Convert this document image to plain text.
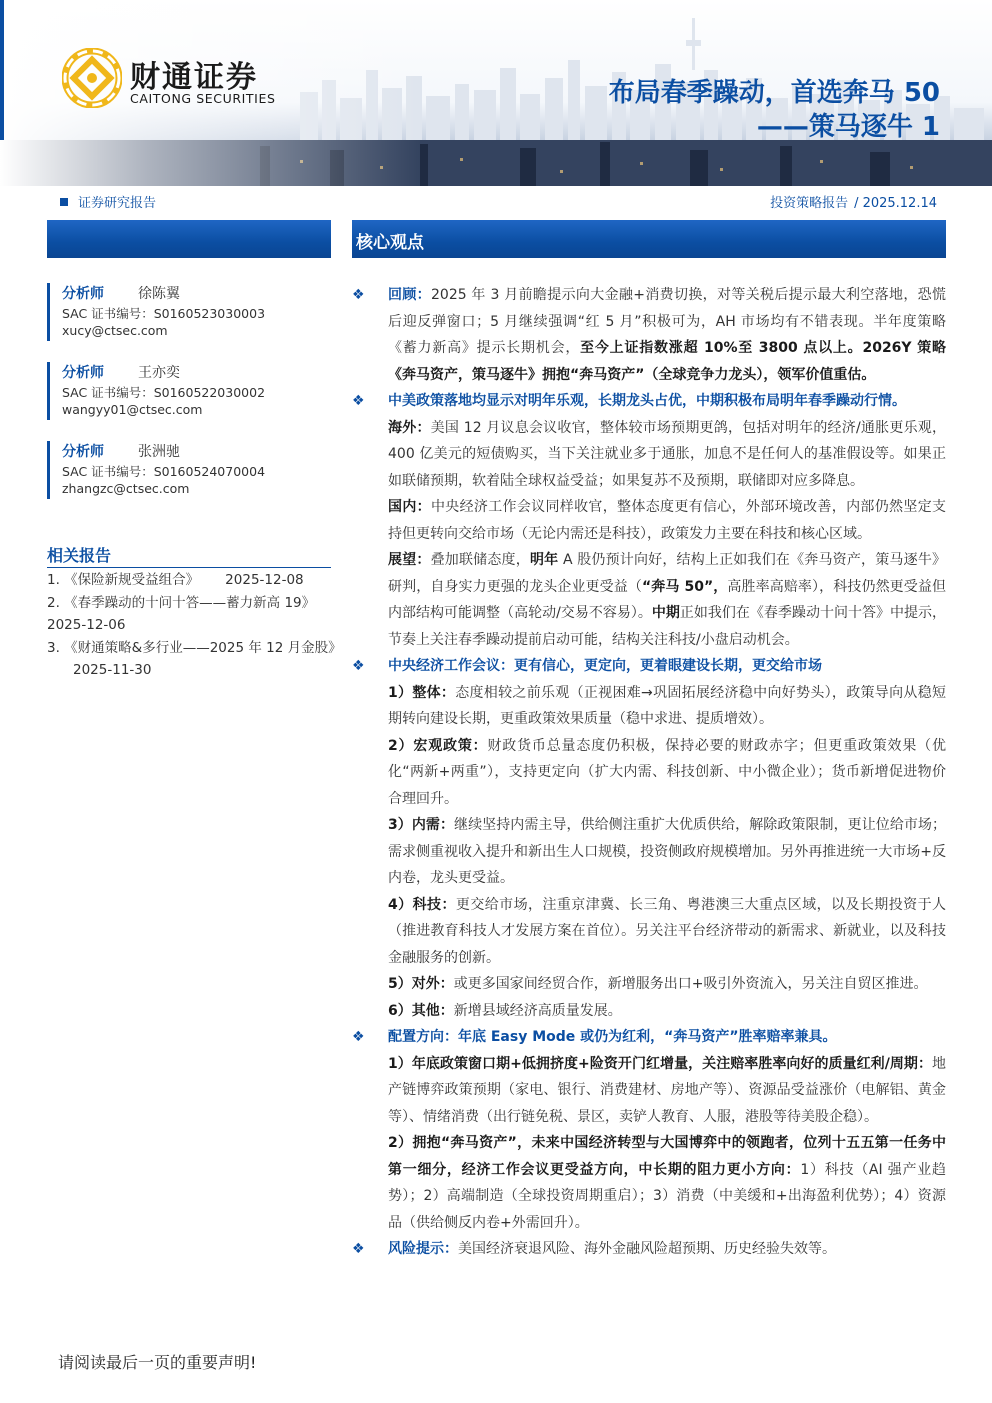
财通证券
CAITONG SECURITIES	布局春季躁动，首选奔马 50
——策马逐牛 1
证券研究报告	投资策略报告 / 2025.12.14
核心观点
分析师 徐陈翼
SAC 证书编号：S0160523030003
xucy@ctsec.com
分析师 王亦奕
SAC 证书编号：S0160522030002
wangyy01@ctsec.com
分析师 张洲驰
SAC 证书编号：S0160524070004
zhangzc@ctsec.com
相关报告
1. 《保险新规受益组合》 2025-12-08
2. 《春季躁动的十问十答——蓄力新高 19》
2025-12-06
3. 《财通策略&多行业——2025 年 12 月金股》2025-11-30
❖ 回顾：2025 年 3 月前瞻提示向大金融+消费切换，对等关税后提示最大利空落地，恐慌后迎反弹窗口；5 月继续强调“红 5 月”积极可为，AH 市场均有不错表现。半年度策略《蓄力新高》提示长期机会，至今上证指数涨超 10%至 3800 点以上。2026Y 策略《奔马资产，策马逐牛》拥抱“奔马资产”（全球竞争力龙头），领军价值重估。
❖ 中美政策落地均显示对明年乐观，长期龙头占优，中期积极布局明年春季躁动行情。
海外：美国 12 月议息会议收官，整体较市场预期更鸽，包括对明年的经济/通胀更乐观，400 亿美元的短债购买，当下关注就业多于通胀，加息不是任何人的基准假设等。如果正如联储预期，软着陆全球权益受益；如果复苏不及预期，联储即对应多降息。
国内：中央经济工作会议同样收官，整体态度更有信心，外部环境改善，内部仍然坚定支持但更转向交给市场（无论内需还是科技），政策发力主要在科技和核心区域。
展望：叠加联储态度，明年 A 股仍预计向好，结构上正如我们在《奔马资产，策马逐牛》研判，自身实力更强的龙头企业更受益（“奔马 50”，高胜率高赔率），科技仍然更受益但内部结构可能调整（高轮动/交易不容易）。中期正如我们在《春季躁动十问十答》中提示，节奏上关注春季躁动提前启动可能，结构关注科技/小盘启动机会。
❖ 中央经济工作会议：更有信心，更定向，更着眼建设长期，更交给市场
1）整体：态度相较之前乐观（正视困难→巩固拓展经济稳中向好势头），政策导向从稳短期转向建设长期，更重政策效果质量（稳中求进、提质增效）。
2）宏观政策：财政货币总量态度仍积极，保持必要的财政赤字；但更重政策效果（优化“两新+两重”），支持更定向（扩大内需、科技创新、中小微企业）；货币新增促进物价合理回升。
3）内需：继续坚持内需主导，供给侧注重扩大优质供给，解除政策限制，更让位给市场；需求侧重视收入提升和新出生人口规模，投资侧政府规模增加。另外再推进统一大市场+反内卷，龙头更受益。
4）科技：更交给市场，注重京津冀、长三角、粤港澳三大重点区域，以及长期投资于人（推进教育科技人才发展方案在首位）。另关注平台经济带动的新需求、新就业，以及科技金融服务的创新。
5）对外：或更多国家间经贸合作，新增服务出口+吸引外资流入，另关注自贸区推进。
6）其他：新增县域经济高质量发展。
❖ 配置方向：年底 Easy Mode 或仍为红利，“奔马资产”胜率赔率兼具。
1）年底政策窗口期+低拥挤度+险资开门红增量，关注赔率胜率向好的质量红利/周期：地产链博弈政策预期（家电、银行、消费建材、房地产等）、资源品受益涨价（电解铝、黄金等）、情绪消费（出行链免税、景区，卖铲人教育、人服，港股等待美股企稳）。
2）拥抱“奔马资产”，未来中国经济转型与大国博弈中的领跑者，位列十五五第一任务中第一细分，经济工作会议更受益方向，中长期的阻力更小方向：1）科技（AI 强产业趋势）；2）高端制造（全球投资周期重启）；3）消费（中美缓和+出海盈利优势）；4）资源品（供给侧反内卷+外需回升）。
❖ 风险提示：美国经济衰退风险、海外金融风险超预期、历史经验失效等。
请阅读最后一页的重要声明!
